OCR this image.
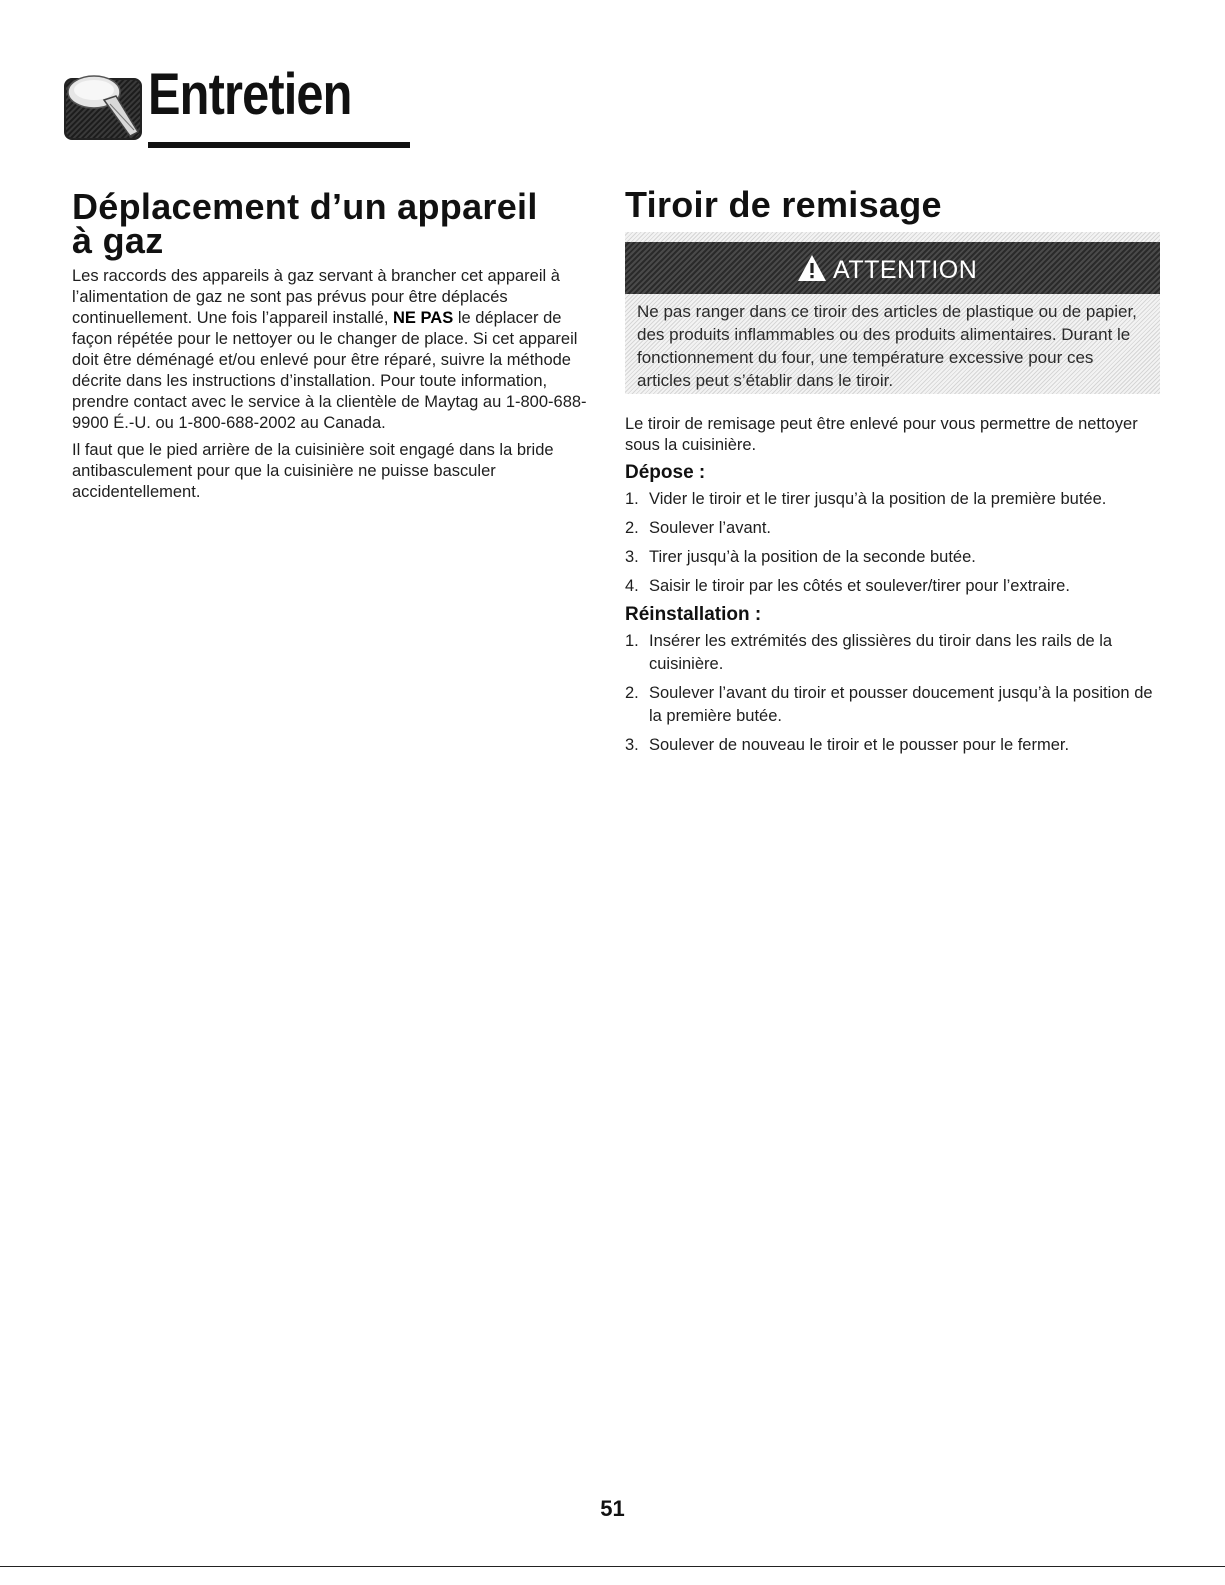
Entretien
Déplacement d’un appareil
à gaz

Les raccords des appareils à gaz servant à brancher cet appareil à l’alimentation de gaz ne sont pas prévus pour être déplacés continuellement. Une fois l’appareil installé, NE PAS le déplacer de façon répétée pour le nettoyer ou le changer de place. Si cet appareil doit être déménagé et/ou enlevé pour être réparé, suivre la méthode décrite dans les instructions d’installation. Pour toute information, prendre contact avec le service à la clientèle de Maytag au 1-800-688-9900 É.-U. ou 1-800-688-2002 au Canada.

Il faut que le pied arrière de la cuisinière soit engagé dans la bride antibasculement pour que la cuisinière ne puisse basculer accidentellement.

Tiroir de remisage
ATTENTION
Ne pas ranger dans ce tiroir des articles de plastique ou de papier, des produits inflammables ou des produits alimentaires. Durant le fonctionnement du four, une température excessive pour ces articles peut s’établir dans le tiroir.

Le tiroir de remisage peut être enlevé pour vous permettre de nettoyer sous la cuisinière.

Dépose :
1. Vider le tiroir et le tirer jusqu’à la position de la première butée.
2. Soulever l’avant.
3. Tirer jusqu’à la position de la seconde butée.
4. Saisir le tiroir par les côtés et soulever/tirer pour l’extraire.
Réinstallation :
1. Insérer les extrémités des glissières du tiroir dans les rails de la cuisinière.
2. Soulever l’avant du tiroir et pousser doucement jusqu’à la position de la première butée.
3. Soulever de nouveau le tiroir et le pousser pour le fermer.
51
